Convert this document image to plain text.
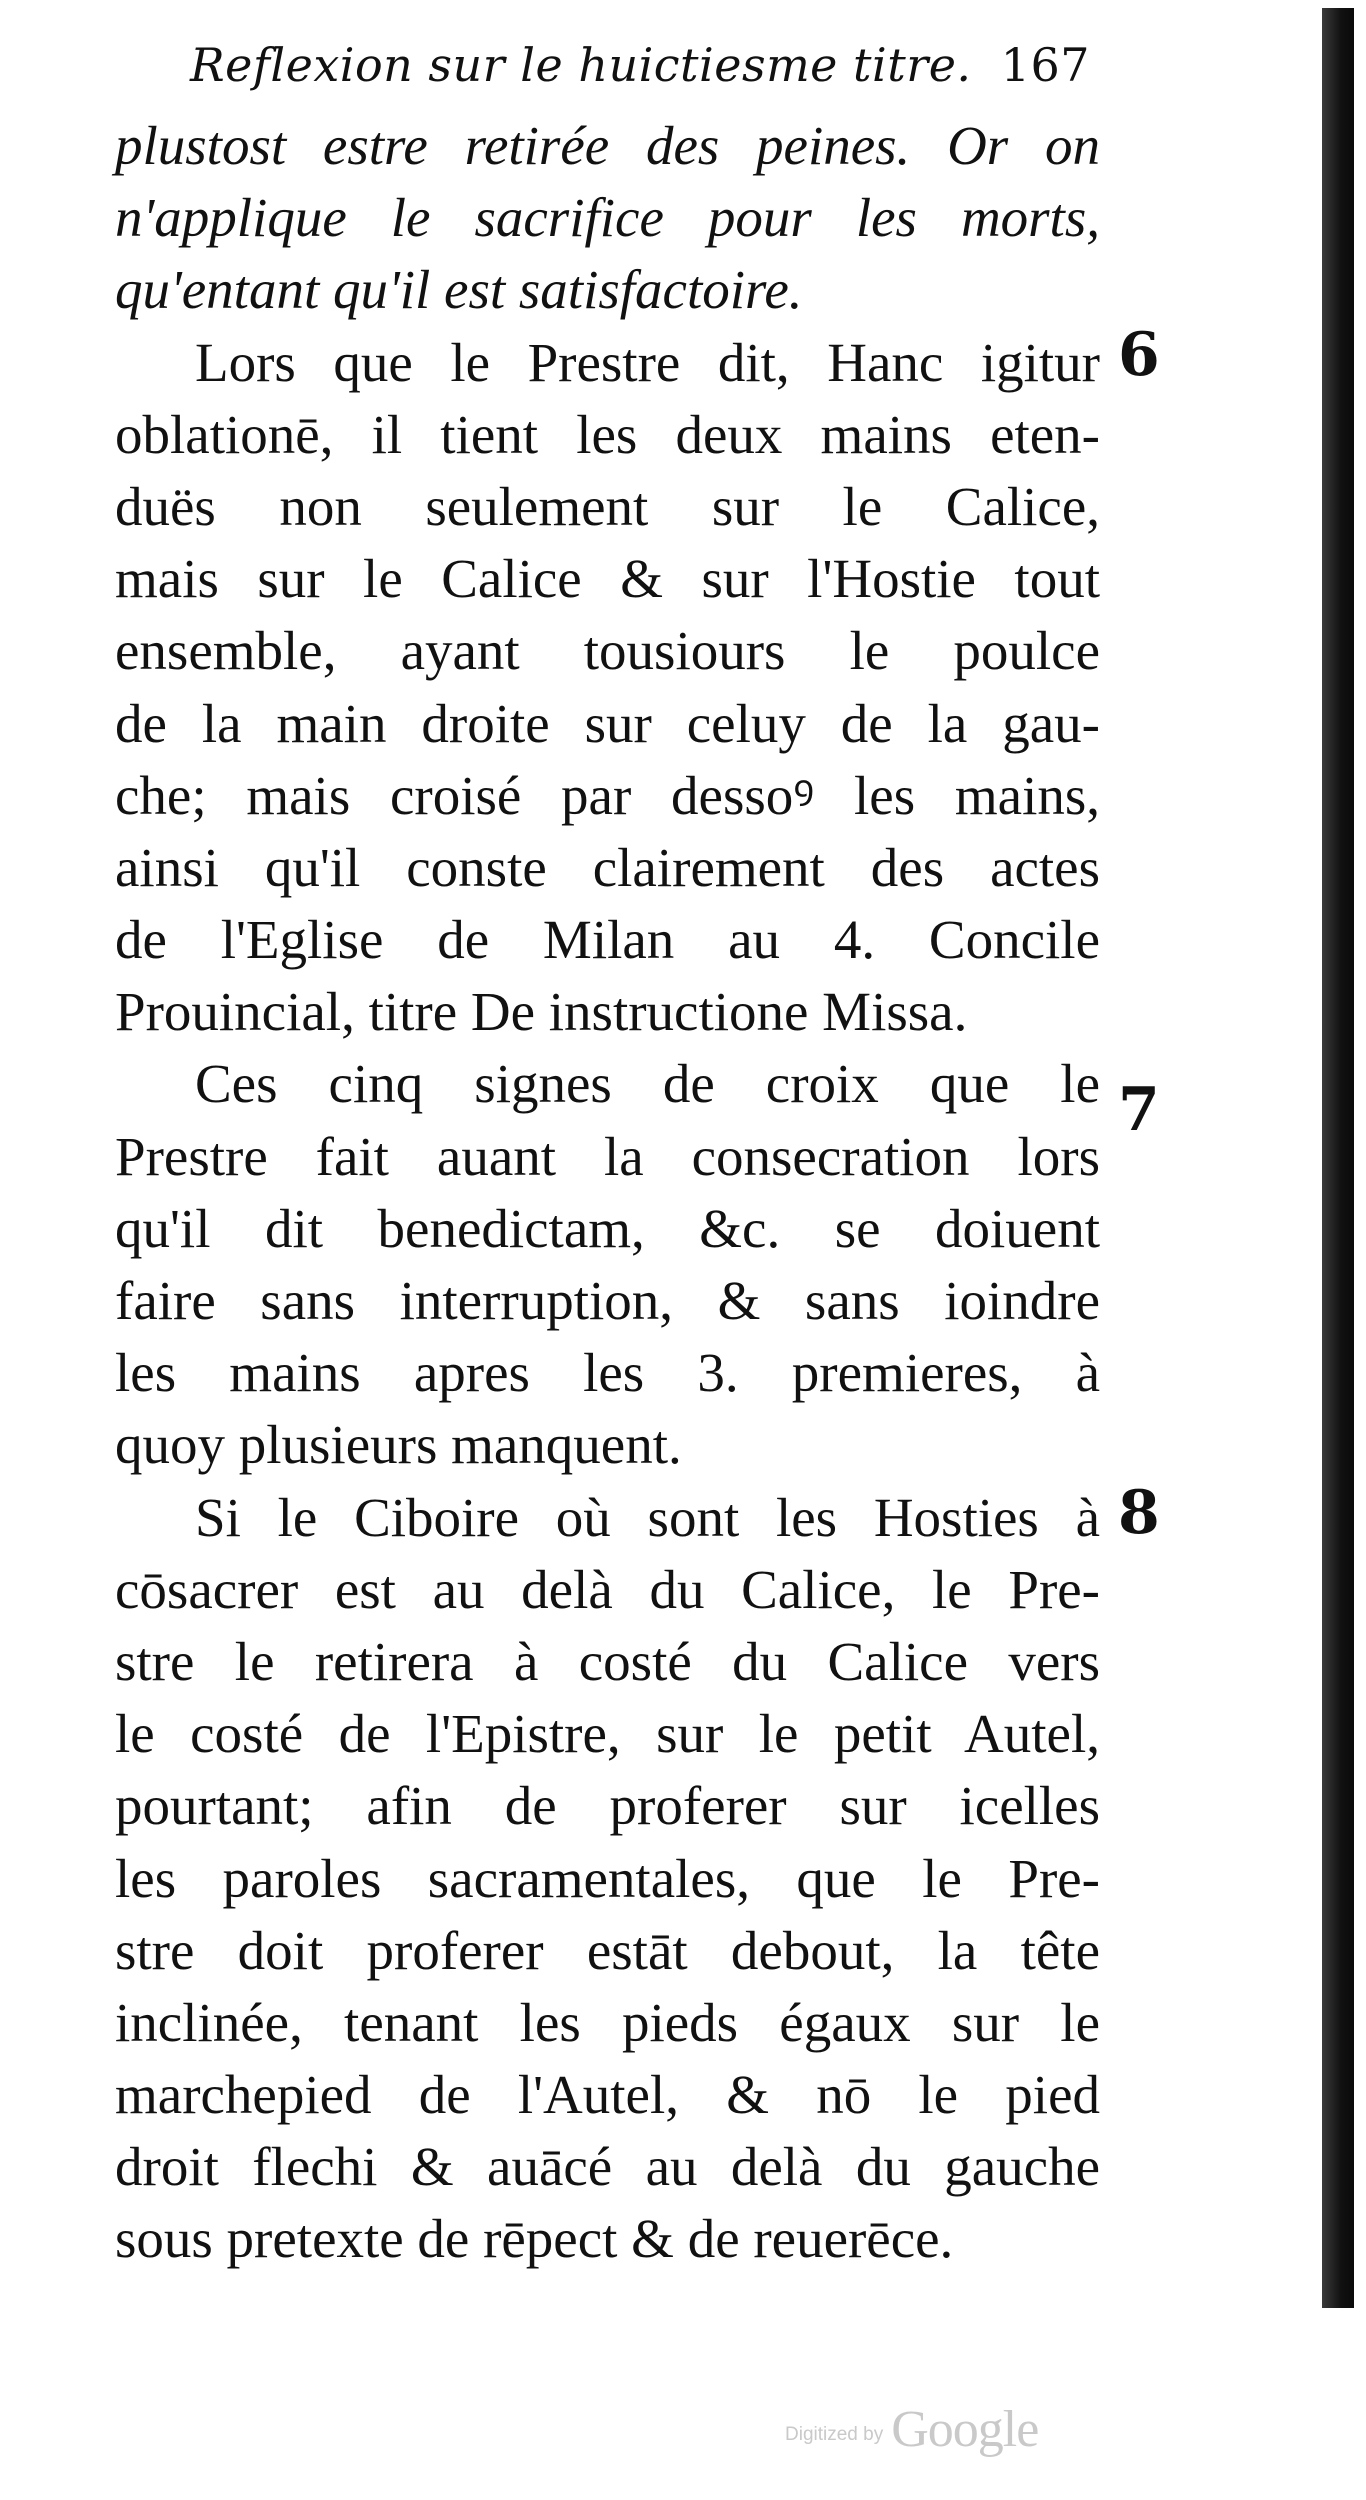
Reflexion sur le huictiesme titre. 167
plustost estre retirée des peines. Or on
n'applique le sacrifice pour les morts,
qu'entant qu'il est satisfactoire.
Lors que le Prestre dit, Hanc igitur
oblationē, il tient les deux mains eten-
duës non seulement sur le Calice,
mais sur le Calice & sur l'Hostie tout
ensemble, ayant tousiours le poulce
de la main droite sur celuy de la gau-
che; mais croisé par dessoꝰ les mains,
ainsi qu'il conste clairement des actes
de l'Eglise de Milan au 4. Concile
Prouincial, titre De instructione Missa.
Ces cinq signes de croix que le
Prestre fait auant la consecration lors
qu'il dit benedictam, &c. se doiuent
faire sans interruption, & sans ioindre
les mains apres les 3. premieres, à
quoy plusieurs manquent.
Si le Ciboire où sont les Hosties à
cōsacrer est au delà du Calice, le Pre-
stre le retirera à costé du Calice vers
le costé de l'Epistre, sur le petit Autel,
pourtant; afin de proferer sur icelles
les paroles sacramentales, que le Pre-
stre doit proferer estāt debout, la tête
inclinée, tenant les pieds égaux sur le
marchepied de l'Autel, & nō le pied
droit flechi & auācé au delà du gauche
sous pretexte de rēpect & de reuerēce.
6
7
8
Digitized by Google
